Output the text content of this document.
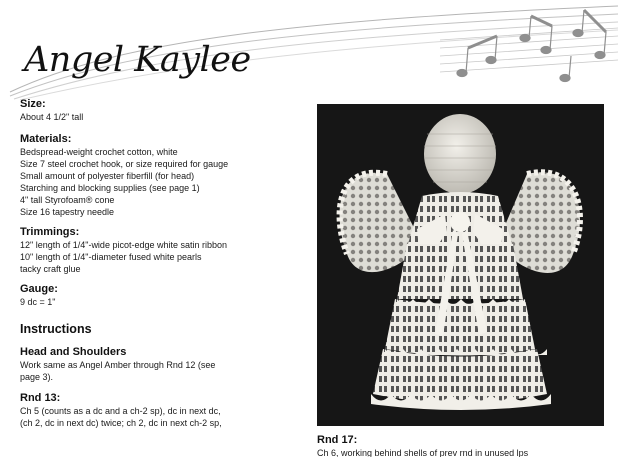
Angel Kaylee

Size:

About 4 1/2" tall

Materials:

Bedspread-weight crochet cotton, white

Size 7 steel crochet hook, or size required for gauge

Small amount of polyester fiberfill (for head)

Starching and blocking supplies (see page 1)

4" tall Styrofoam® cone

Size 16 tapestry needle

Trimmings:

12" length of 1/4"-wide picot-edge white satin ribbon

10" length of 1/4"-diameter fused white pearls

tacky craft glue

Gauge:

9 dc = 1"

Instructions

Head and Shoulders

Work same as Angel Amber through Rnd 12 (see

page 3).

Rnd 13:

Ch 5 (counts as a dc and a ch-2 sp), dc in next dc,

(ch 2, dc in next dc) twice; ch 2, dc in next ch-2 sp,

Rnd 17:

Ch 6, working behind shells of prev rnd in unused lps
